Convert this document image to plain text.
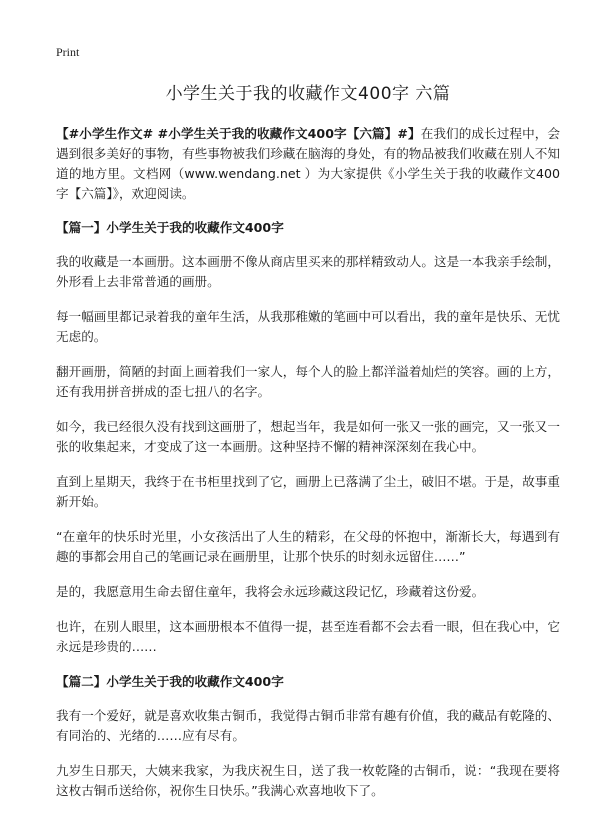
Print
小学生关于我的收藏作文400字 六篇

【#小学生作文# #小学生关于我的收藏作文400字【六篇】#】在我们的成长过程中，会遇到很多美好的事物，有些事物被我们珍藏在脑海的身处，有的物品被我们收藏在别人不知道的地方里。文档网（www.wendang.net ）为大家提供《小学生关于我的收藏作文400字【六篇】》，欢迎阅读。

【篇一】小学生关于我的收藏作文400字

我的收藏是一本画册。这本画册不像从商店里买来的那样精致动人。这是一本我亲手绘制，外形看上去非常普通的画册。

每一幅画里都记录着我的童年生活，从我那稚嫩的笔画中可以看出，我的童年是快乐、无忧无虑的。

翻开画册，简陋的封面上画着我们一家人，每个人的脸上都洋溢着灿烂的笑容。画的上方，还有我用拼音拼成的歪七扭八的名字。

如今，我已经很久没有找到这画册了，想起当年，我是如何一张又一张的画完，又一张又一张的收集起来，才变成了这一本画册。这种坚持不懈的精神深深刻在我心中。

直到上星期天，我终于在书柜里找到了它，画册上已落满了尘土，破旧不堪。于是，故事重新开始。

“在童年的快乐时光里，小女孩活出了人生的精彩，在父母的怀抱中，渐渐长大，每遇到有趣的事都会用自己的笔画记录在画册里，让那个快乐的时刻永远留住……”

是的，我愿意用生命去留住童年，我将会永远珍藏这段记忆，珍藏着这份爱。

也许，在别人眼里，这本画册根本不值得一提，甚至连看都不会去看一眼，但在我心中，它永远是珍贵的……

【篇二】小学生关于我的收藏作文400字

我有一个爱好，就是喜欢收集古铜币，我觉得古铜币非常有趣有价值，我的藏品有乾隆的、有同治的、光绪的……应有尽有。

九岁生日那天，大姨来我家，为我庆祝生日，送了我一枚乾隆的古铜币，说：“我现在要将这枚古铜币送给你，祝你生日快乐。”我满心欢喜地收下了。
